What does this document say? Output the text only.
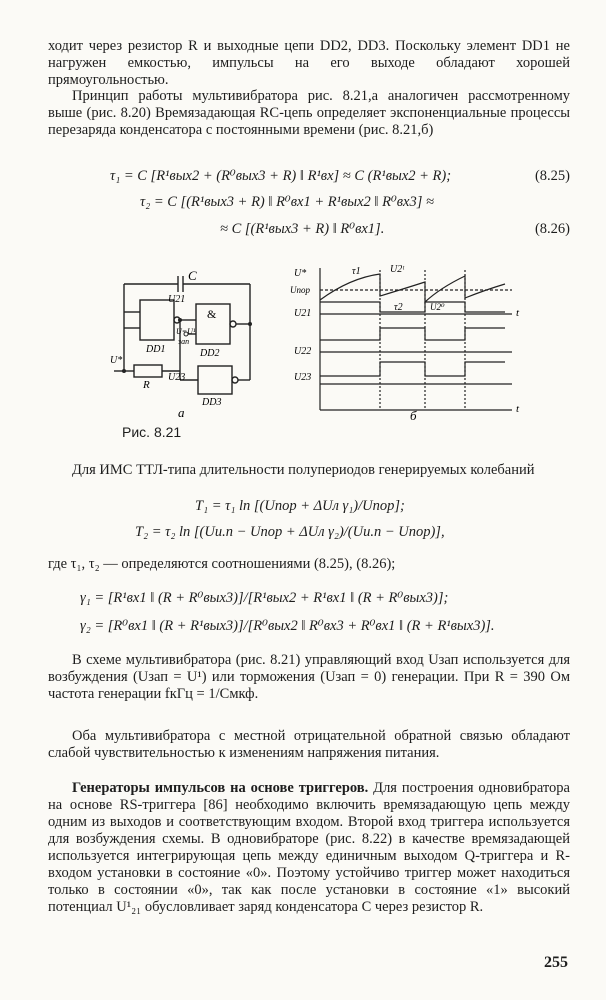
ходит через резистор R и выходные цепи DD2, DD3. Поскольку элемент DD1 не нагружен емкостью, импульсы на его выходе обладают хорошей прямоугольностью.

Принцип работы мультивибратора рис. 8.21,а аналогичен рассмотренному выше (рис. 8.20) Времязадающая RC-цепь определяет экспоненциальные процессы перезаряда конденсатора с постоянными времени (рис. 8.21,б)

τ₁ = C [R¹вых2 + (R⁰вых3 + R) ‖ R¹вх] ≈ C (R¹вых2 + R);	(8.25)
τ₂ = C [(R¹вых3 + R) ‖ R⁰вх1 + R¹вых2 ‖ R⁰вх3] ≈
≈ C [(R¹вых3 + R) ‖ R⁰вх1].	(8.26)
C
DD1
&
DD2
DD3
U21
U23
U*
R
U=U¹
зап
а
U*
Uпор
U21
U22
U23
U2ᵗ
U2⁰
τ1
τ2	t
t
б
Рис. 8.21

Для ИМС ТТЛ-типа длительности полупериодов генерируемых колебаний

T₁ = τ₁ ln [(Uпор + ΔUл γ₁)/Uпор];
T₂ = τ₂ ln [(Uи.п − Uпор + ΔUл γ₂)/(Uи.п − Uпор)],

где τ₁, τ₂ — определяются соотношениями (8.25), (8.26);

γ₁ = [R¹вх1 ‖ (R + R⁰вых3)]/[R¹вых2 + R¹вх1 ‖ (R + R⁰вых3)];
γ₂ = [R⁰вх1 ‖ (R + R¹вых3)]/[R⁰вых2 ‖ R⁰вх3 + R⁰вх1 ‖ (R + R¹вых3)].

В схеме мультивибратора (рис. 8.21) управляющий вход Uзап используется для возбуждения (Uзап = U¹) или торможения (Uзап = 0) генерации. При R = 390 Ом частота генерации fкГц = 1/Cмкф.

Оба мультивибратора с местной отрицательной обратной связью обладают слабой чувствительностью к изменениям напряжения питания.

Генераторы импульсов на основе триггеров. Для построения одновибратора на основе RS-триггера [86] необходимо включить времязадающую цепь между одним из выходов и соответствующим входом. Второй вход триггера используется для возбуждения схемы. В одновибраторе (рис. 8.22) в качестве времязадающей используется интегрирующая цепь между единичным выходом Q-триггера и R-входом установки в состояние «0». Поэтому устойчиво триггер может находиться только в состоянии «0», так как после установки в состояние «1» высокий потенциал U¹₂₁ обусловливает заряд конденсатора C через резистор R.

255
